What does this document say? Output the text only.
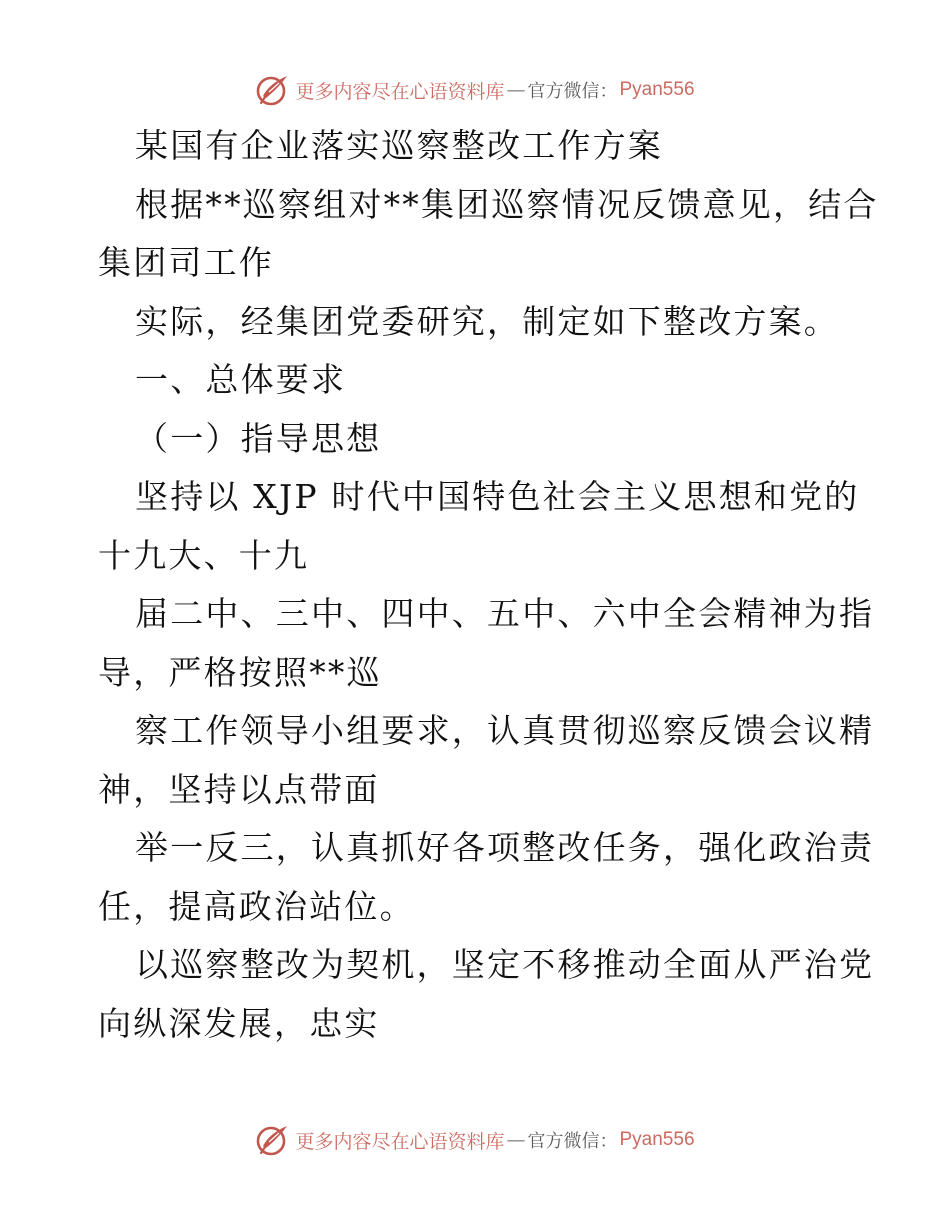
更多内容尽在心语资料库 — 官方微信： Pyan556

某国有企业落实巡察整改工作方案

根据**巡察组对**集团巡察情况反馈意见，结合
集团司工作

实际，经集团党委研究，制定如下整改方案。

一、总体要求

（一）指导思想

坚持以 XJP 时代中国特色社会主义思想和党的
十九大、十九

届二中、三中、四中、五中、六中全会精神为指
导，严格按照**巡

察工作领导小组要求，认真贯彻巡察反馈会议精
神，坚持以点带面

举一反三，认真抓好各项整改任务，强化政治责
任，提高政治站位。

以巡察整改为契机，坚定不移推动全面从严治党
向纵深发展，忠实

更多内容尽在心语资料库 — 官方微信： Pyan556
